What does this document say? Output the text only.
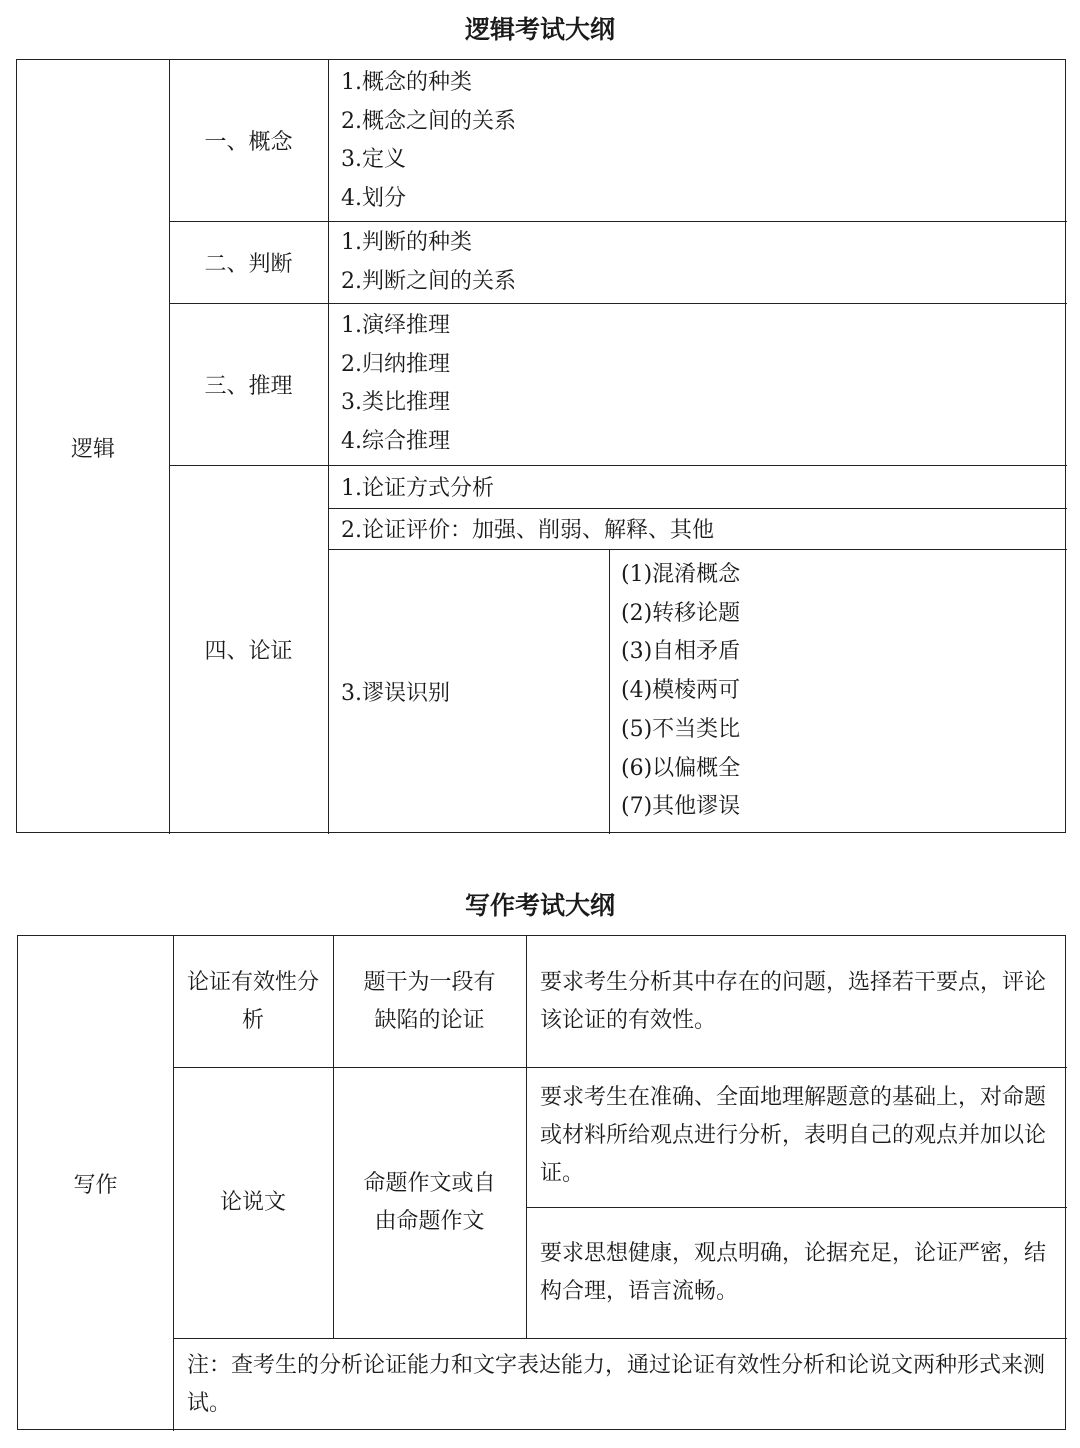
逻辑考试大纲
逻辑
一、概念
1.概念的种类
2.概念之间的关系
3.定义
4.划分
二、判断
1.判断的种类
2.判断之间的关系
三、推理
1.演绎推理
2.归纳推理
3.类比推理
4.综合推理
四、论证
1.论证方式分析
2.论证评价：加强、削弱、解释、其他
3.谬误识别
(1)混淆概念
(2)转移论题
(3)自相矛盾
(4)模棱两可
(5)不当类比
(6)以偏概全
(7)其他谬误
写作考试大纲
写作
论证有效性分析
题干为一段有缺陷的论证
要求考生分析其中存在的问题，选择若干要点，评论该论证的有效性。
论说文
命题作文或自由命题作文
要求考生在准确、全面地理解题意的基础上，对命题或材料所给观点进行分析，表明自己的观点并加以论证。
要求思想健康，观点明确，论据充足，论证严密，结构合理，语言流畅。
注：查考生的分析论证能力和文字表达能力，通过论证有效性分析和论说文两种形式来测试。
